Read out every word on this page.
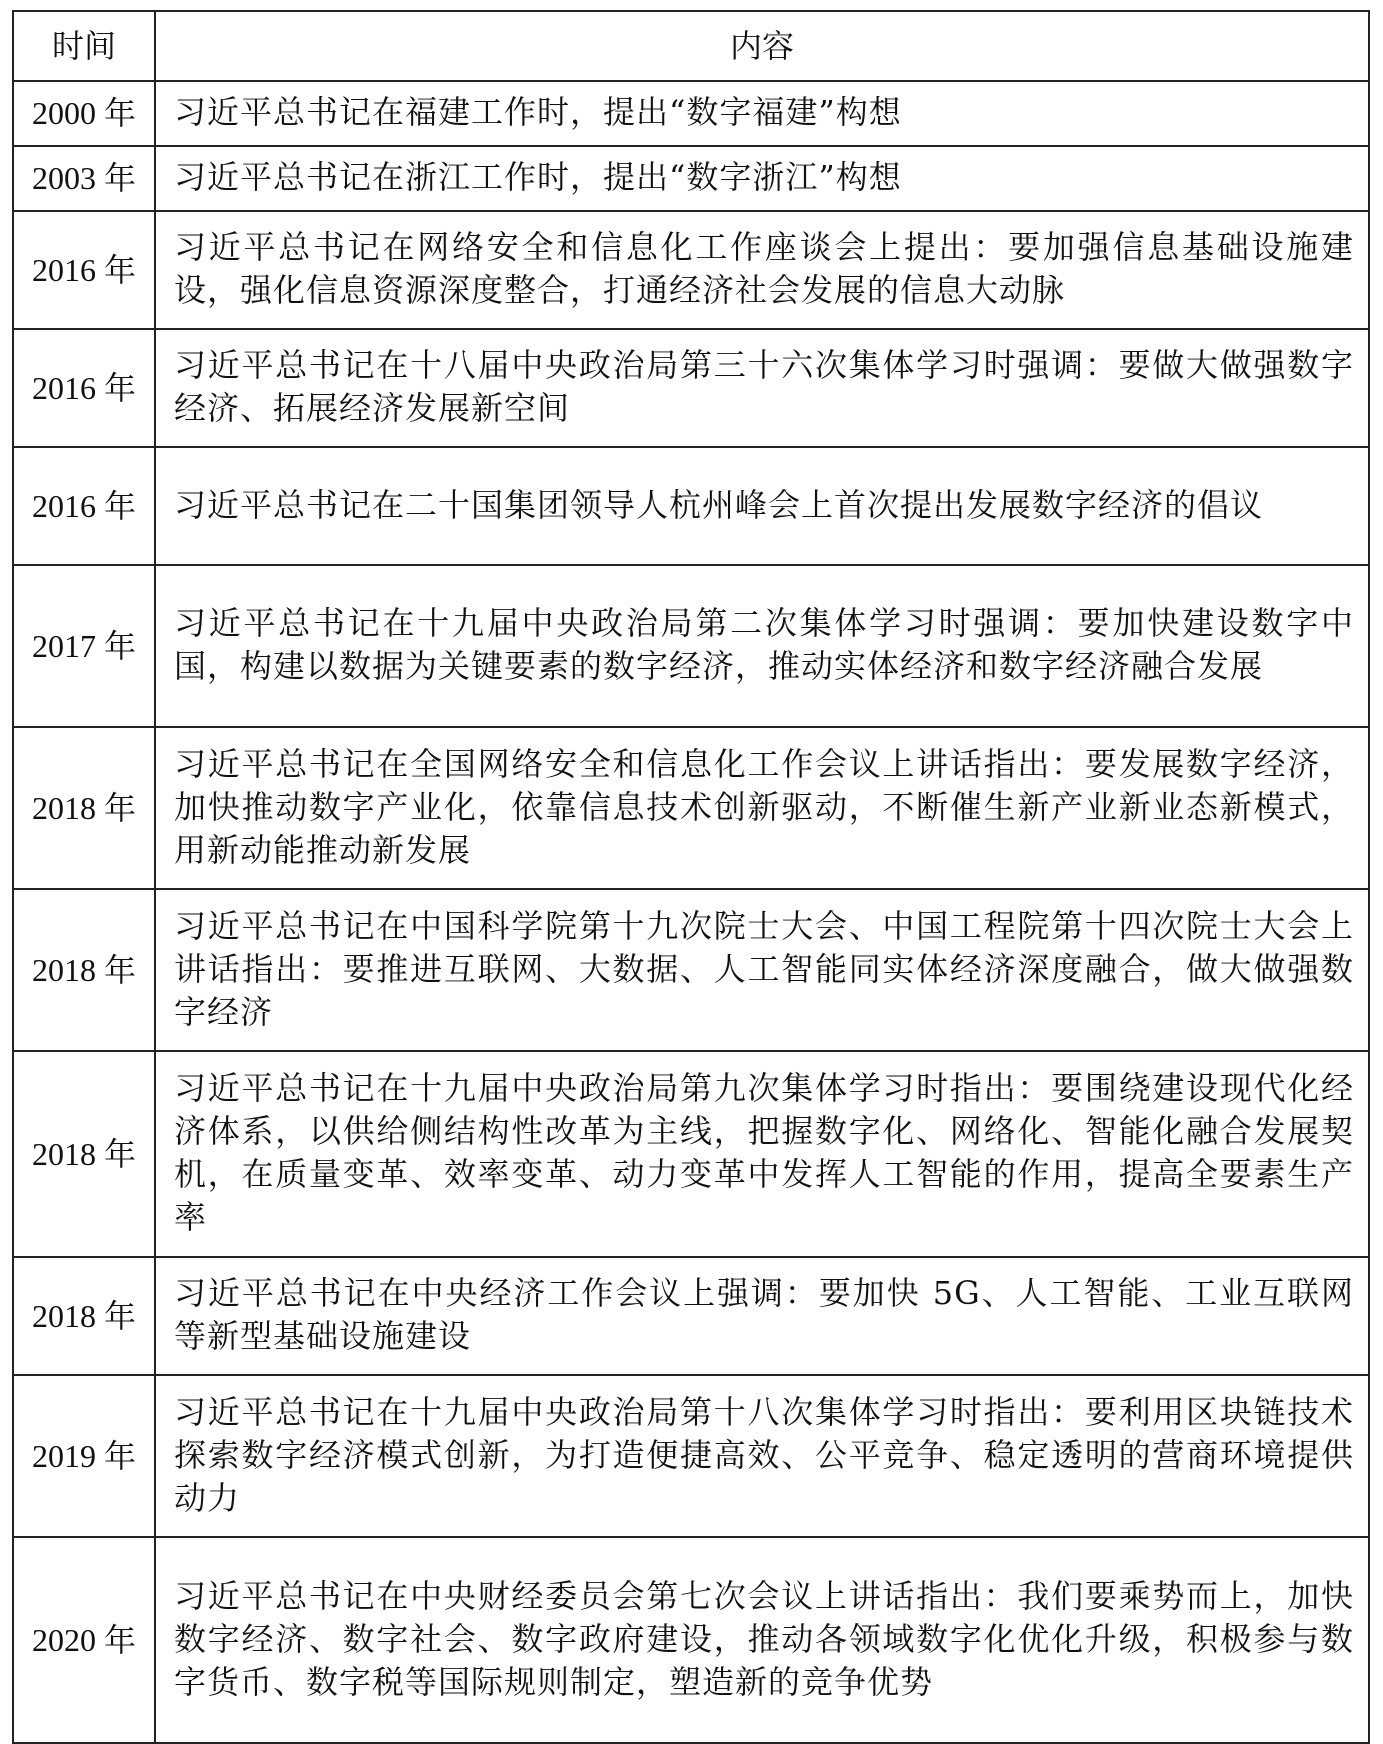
时间	内容
2000 年	习近平总书记在福建工作时，提出“数字福建”构想
2003 年	习近平总书记在浙江工作时，提出“数字浙江”构想
2016 年	习近平总书记在网络安全和信息化工作座谈会上提出：要加强信息基础设施建设，强化信息资源深度整合，打通经济社会发展的信息大动脉
2016 年	习近平总书记在十八届中央政治局第三十六次集体学习时强调：要做大做强数字经济、拓展经济发展新空间
2016 年	习近平总书记在二十国集团领导人杭州峰会上首次提出发展数字经济的倡议
2017 年	习近平总书记在十九届中央政治局第二次集体学习时强调：要加快建设数字中国，构建以数据为关键要素的数字经济，推动实体经济和数字经济融合发展
2018 年	习近平总书记在全国网络安全和信息化工作会议上讲话指出：要发展数字经济，加快推动数字产业化，依靠信息技术创新驱动，不断催生新产业新业态新模式，用新动能推动新发展
2018 年	习近平总书记在中国科学院第十九次院士大会、中国工程院第十四次院士大会上讲话指出：要推进互联网、大数据、人工智能同实体经济深度融合，做大做强数字经济
2018 年	习近平总书记在十九届中央政治局第九次集体学习时指出：要围绕建设现代化经济体系，以供给侧结构性改革为主线，把握数字化、网络化、智能化融合发展契机，在质量变革、效率变革、动力变革中发挥人工智能的作用，提高全要素生产率
2018 年	习近平总书记在中央经济工作会议上强调：要加快 5G、人工智能、工业互联网等新型基础设施建设
2019 年	习近平总书记在十九届中央政治局第十八次集体学习时指出：要利用区块链技术探索数字经济模式创新，为打造便捷高效、公平竞争、稳定透明的营商环境提供动力
2020 年	习近平总书记在中央财经委员会第七次会议上讲话指出：我们要乘势而上，加快数字经济、数字社会、数字政府建设，推动各领域数字化优化升级，积极参与数字货币、数字税等国际规则制定，塑造新的竞争优势
